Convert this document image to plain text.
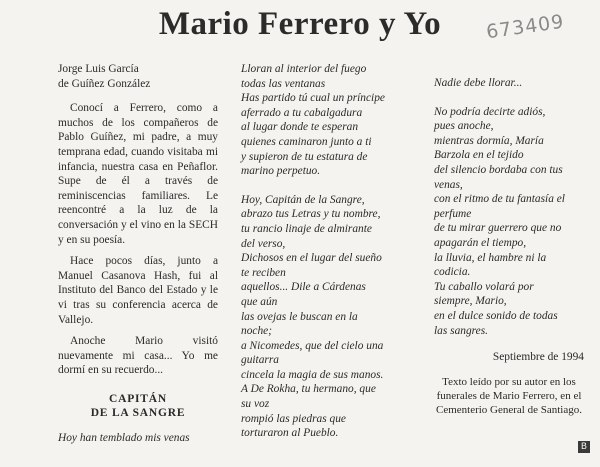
Mario Ferrero y Yo	673409
Jorge Luis García
de Guíñez González

Conocí a Ferrero, como a muchos de los compañeros de Pablo Guíñez, mi padre, a muy temprana edad, cuando visitaba mi infancia, nuestra casa en Peñaflor. Supe de él a través de reminiscencias familiares. Le reencontré a la luz de la conversación y el vino en la SECH y en su poesía.

Hace pocos días, junto a Manuel Casanova Hash, fui al Instituto del Banco del Estado y le vi tras su conferencia acerca de Vallejo.

Anoche Mario visitó nuevamente mi casa... Yo me dormí en su recuerdo...

CAPITÁN
DE LA SANGRE
Hoy han temblado mis venas
Lloran al interior del fuego
todas las ventanas
Has partido tú cual un príncipe
aferrado a tu cabalgadura
al lugar donde te esperan
quienes caminaron junto a ti
y supieron de tu estatura de
marino perpetuo.
Hoy, Capitán de la Sangre,
abrazo tus Letras y tu nombre,
tu rancio linaje de almirante
del verso,
Dichosos en el lugar del sueño
te reciben
aquellos... Dile a Cárdenas
que aún
las ovejas le buscan en la
noche;
a Nicomedes, que del cielo una
guitarra
cincela la magia de sus manos.
A De Rokha, tu hermano, que
su voz
rompió las piedras que
torturaron al Pueblo.
Nadie debe llorar...
No podría decirte adiós,
pues anoche,
mientras dormía, María
Barzola en el tejido
del silencio bordaba con tus
venas,
con el ritmo de tu fantasía el
perfume
de tu mirar guerrero que no
apagarán el tiempo,
la lluvia, el hambre ni la
codicia.
Tu caballo volará por
siempre, Mario,
en el dulce sonido de todas
las sangres.
Septiembre de 1994
Texto leído por su autor en los funerales de Mario Ferrero, en el Cementerio General de Santiago.
B
